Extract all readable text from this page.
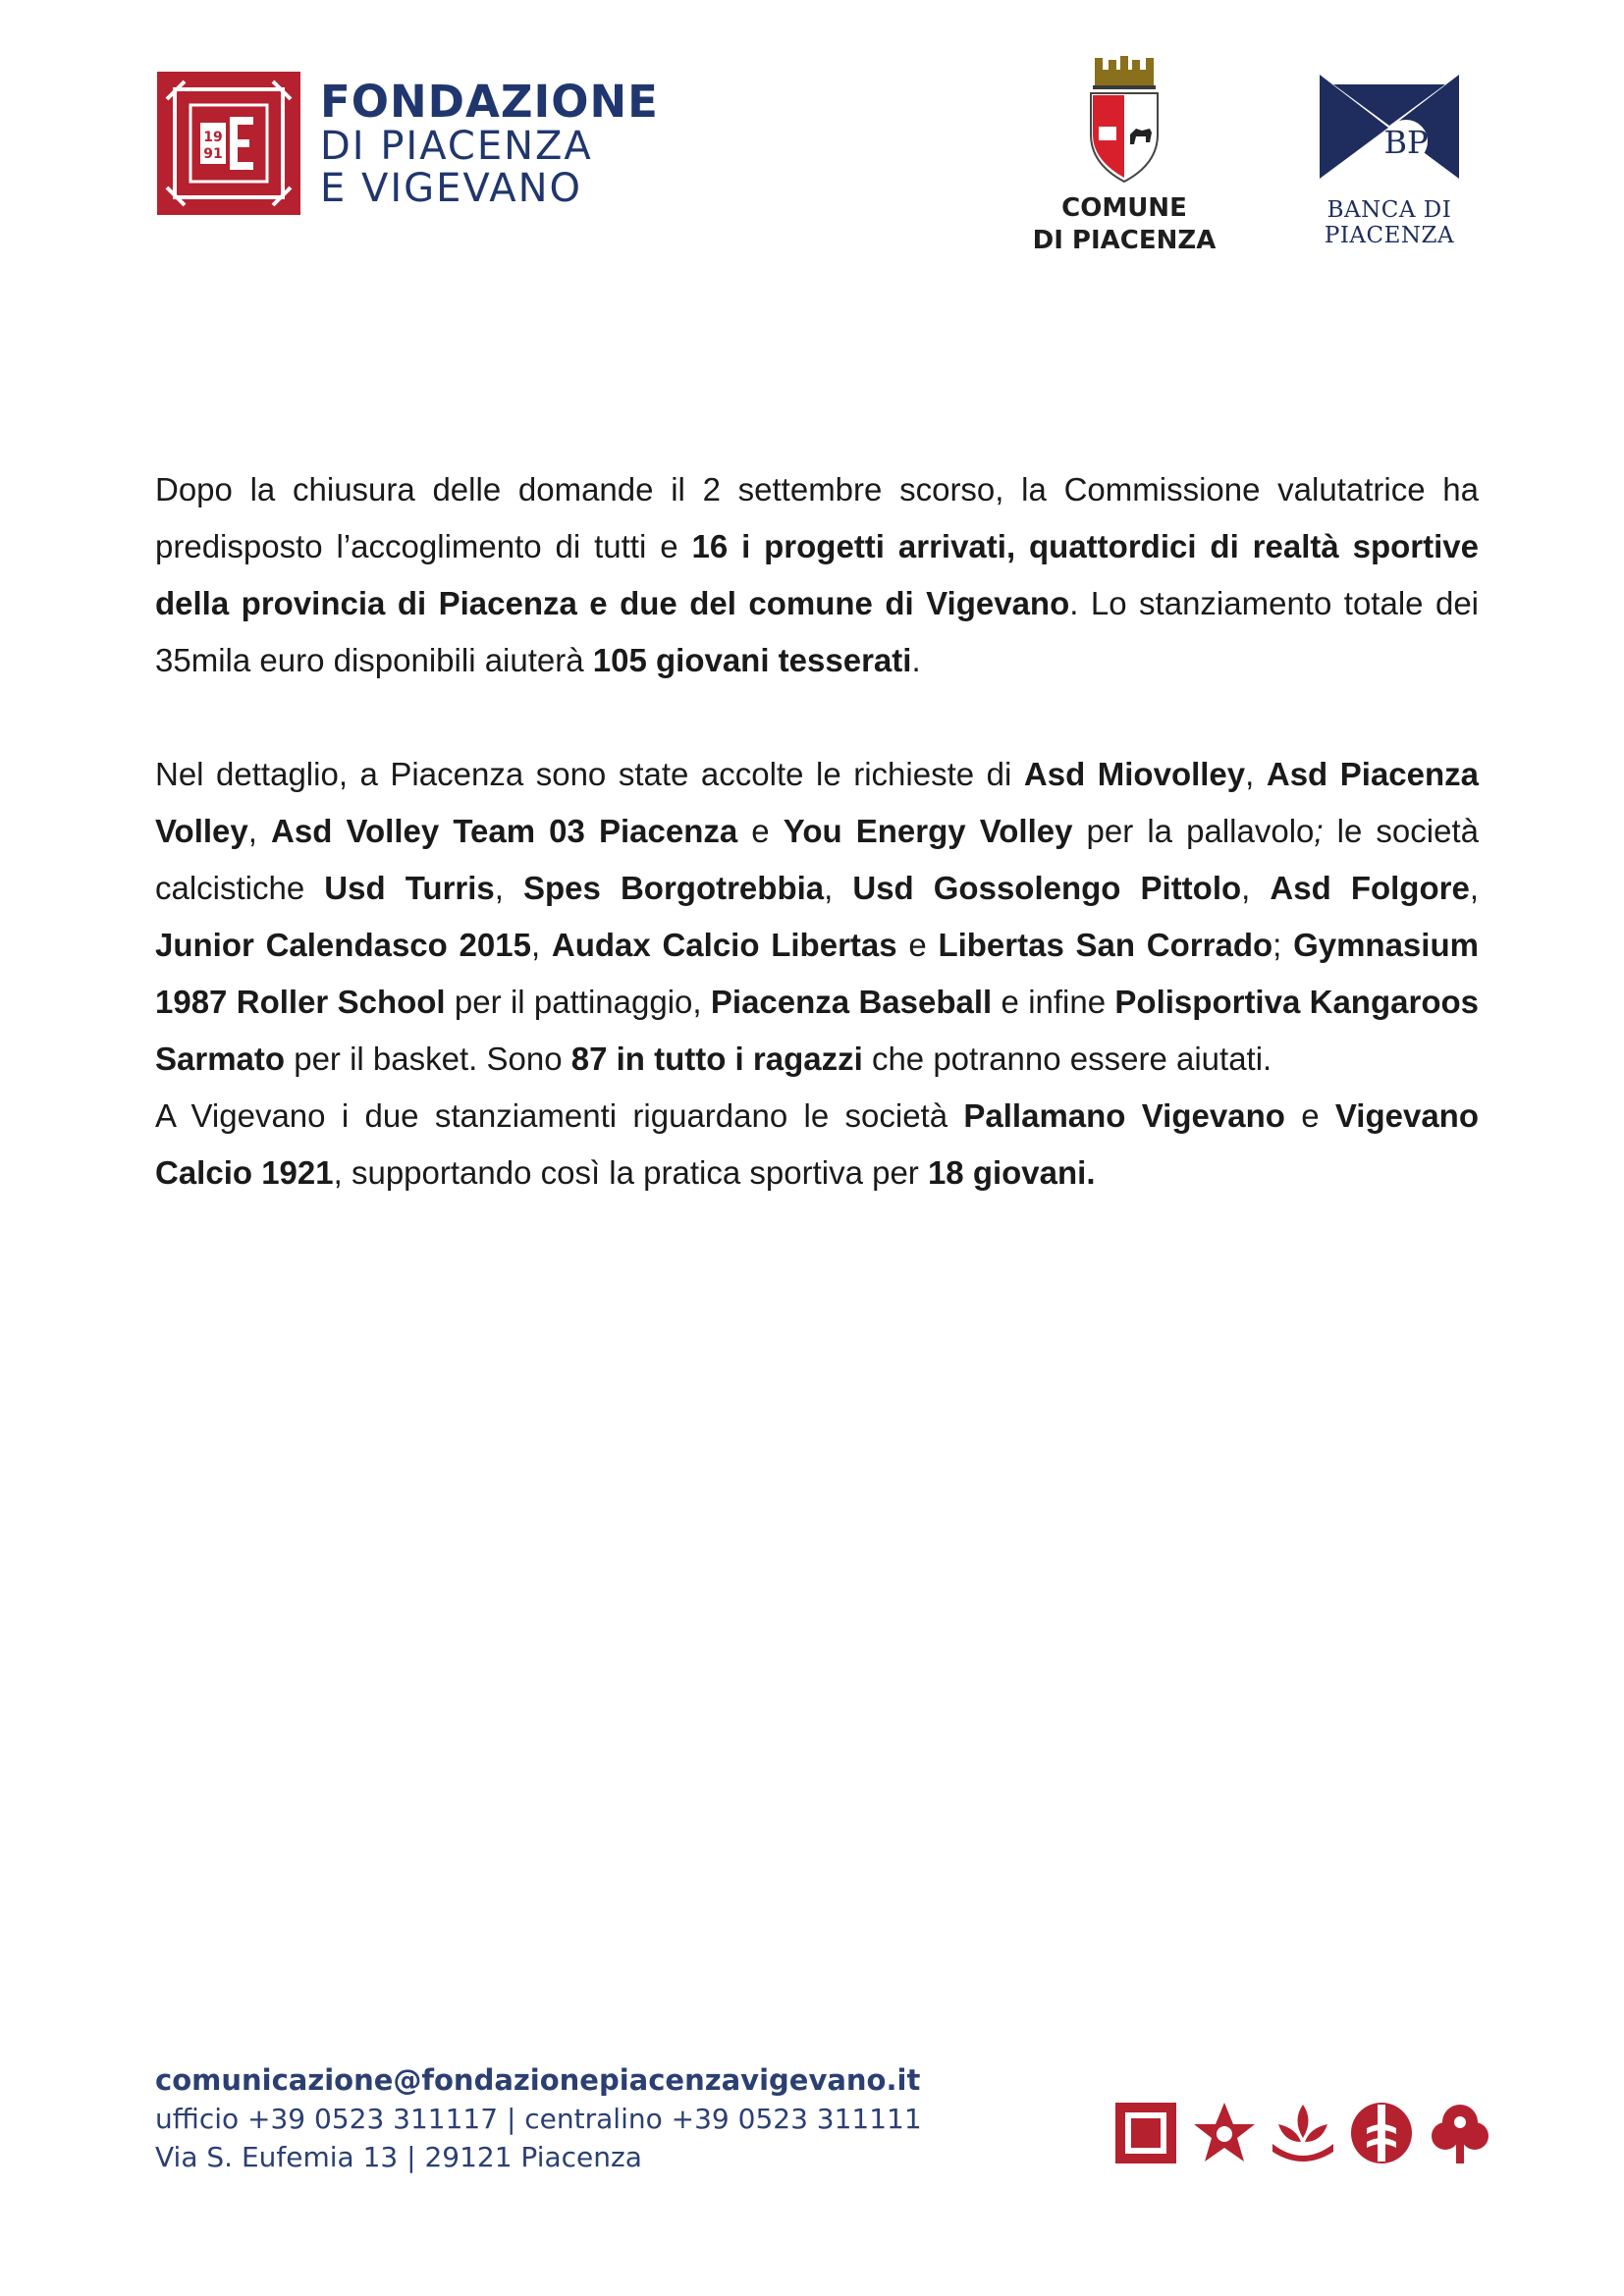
19
91
FONDAZIONE
DI PIACENZA
E VIGEVANO	COMUNE
DI PIACENZA
BP
BANCA DI PIACENZA

Dopo la chiusura delle domande il 2 settembre scorso, la Commissione valutatrice ha predisposto l’accoglimento di tutti e 16 i progetti arrivati, quattordici di realtà sportive della provincia di Piacenza e due del comune di Vigevano. Lo stanziamento totale dei 35mila euro disponibili aiuterà 105 giovani tesserati.

Nel dettaglio, a Piacenza sono state accolte le richieste di Asd Miovolley, Asd Piacenza Volley, Asd Volley Team 03 Piacenza e You Energy Volley per la pallavolo; le società calcistiche Usd Turris, Spes Borgotrebbia, Usd Gossolengo Pittolo, Asd Folgore, Junior Calendasco 2015, Audax Calcio Libertas e Libertas San Corrado; Gymnasium 1987 Roller School per il pattinaggio, Piacenza Baseball e infine Polisportiva Kangaroos Sarmato per il basket. Sono 87 in tutto i ragazzi che potranno essere aiutati.

A Vigevano i due stanziamenti riguardano le società Pallamano Vigevano e Vigevano Calcio 1921, supportando così la pratica sportiva per 18 giovani.

comunicazione@fondazionepiacenzavigevano.it
ufficio +39 0523 311117 | centralino +39 0523 311111
Via S. Eufemia 13 | 29121 Piacenza
